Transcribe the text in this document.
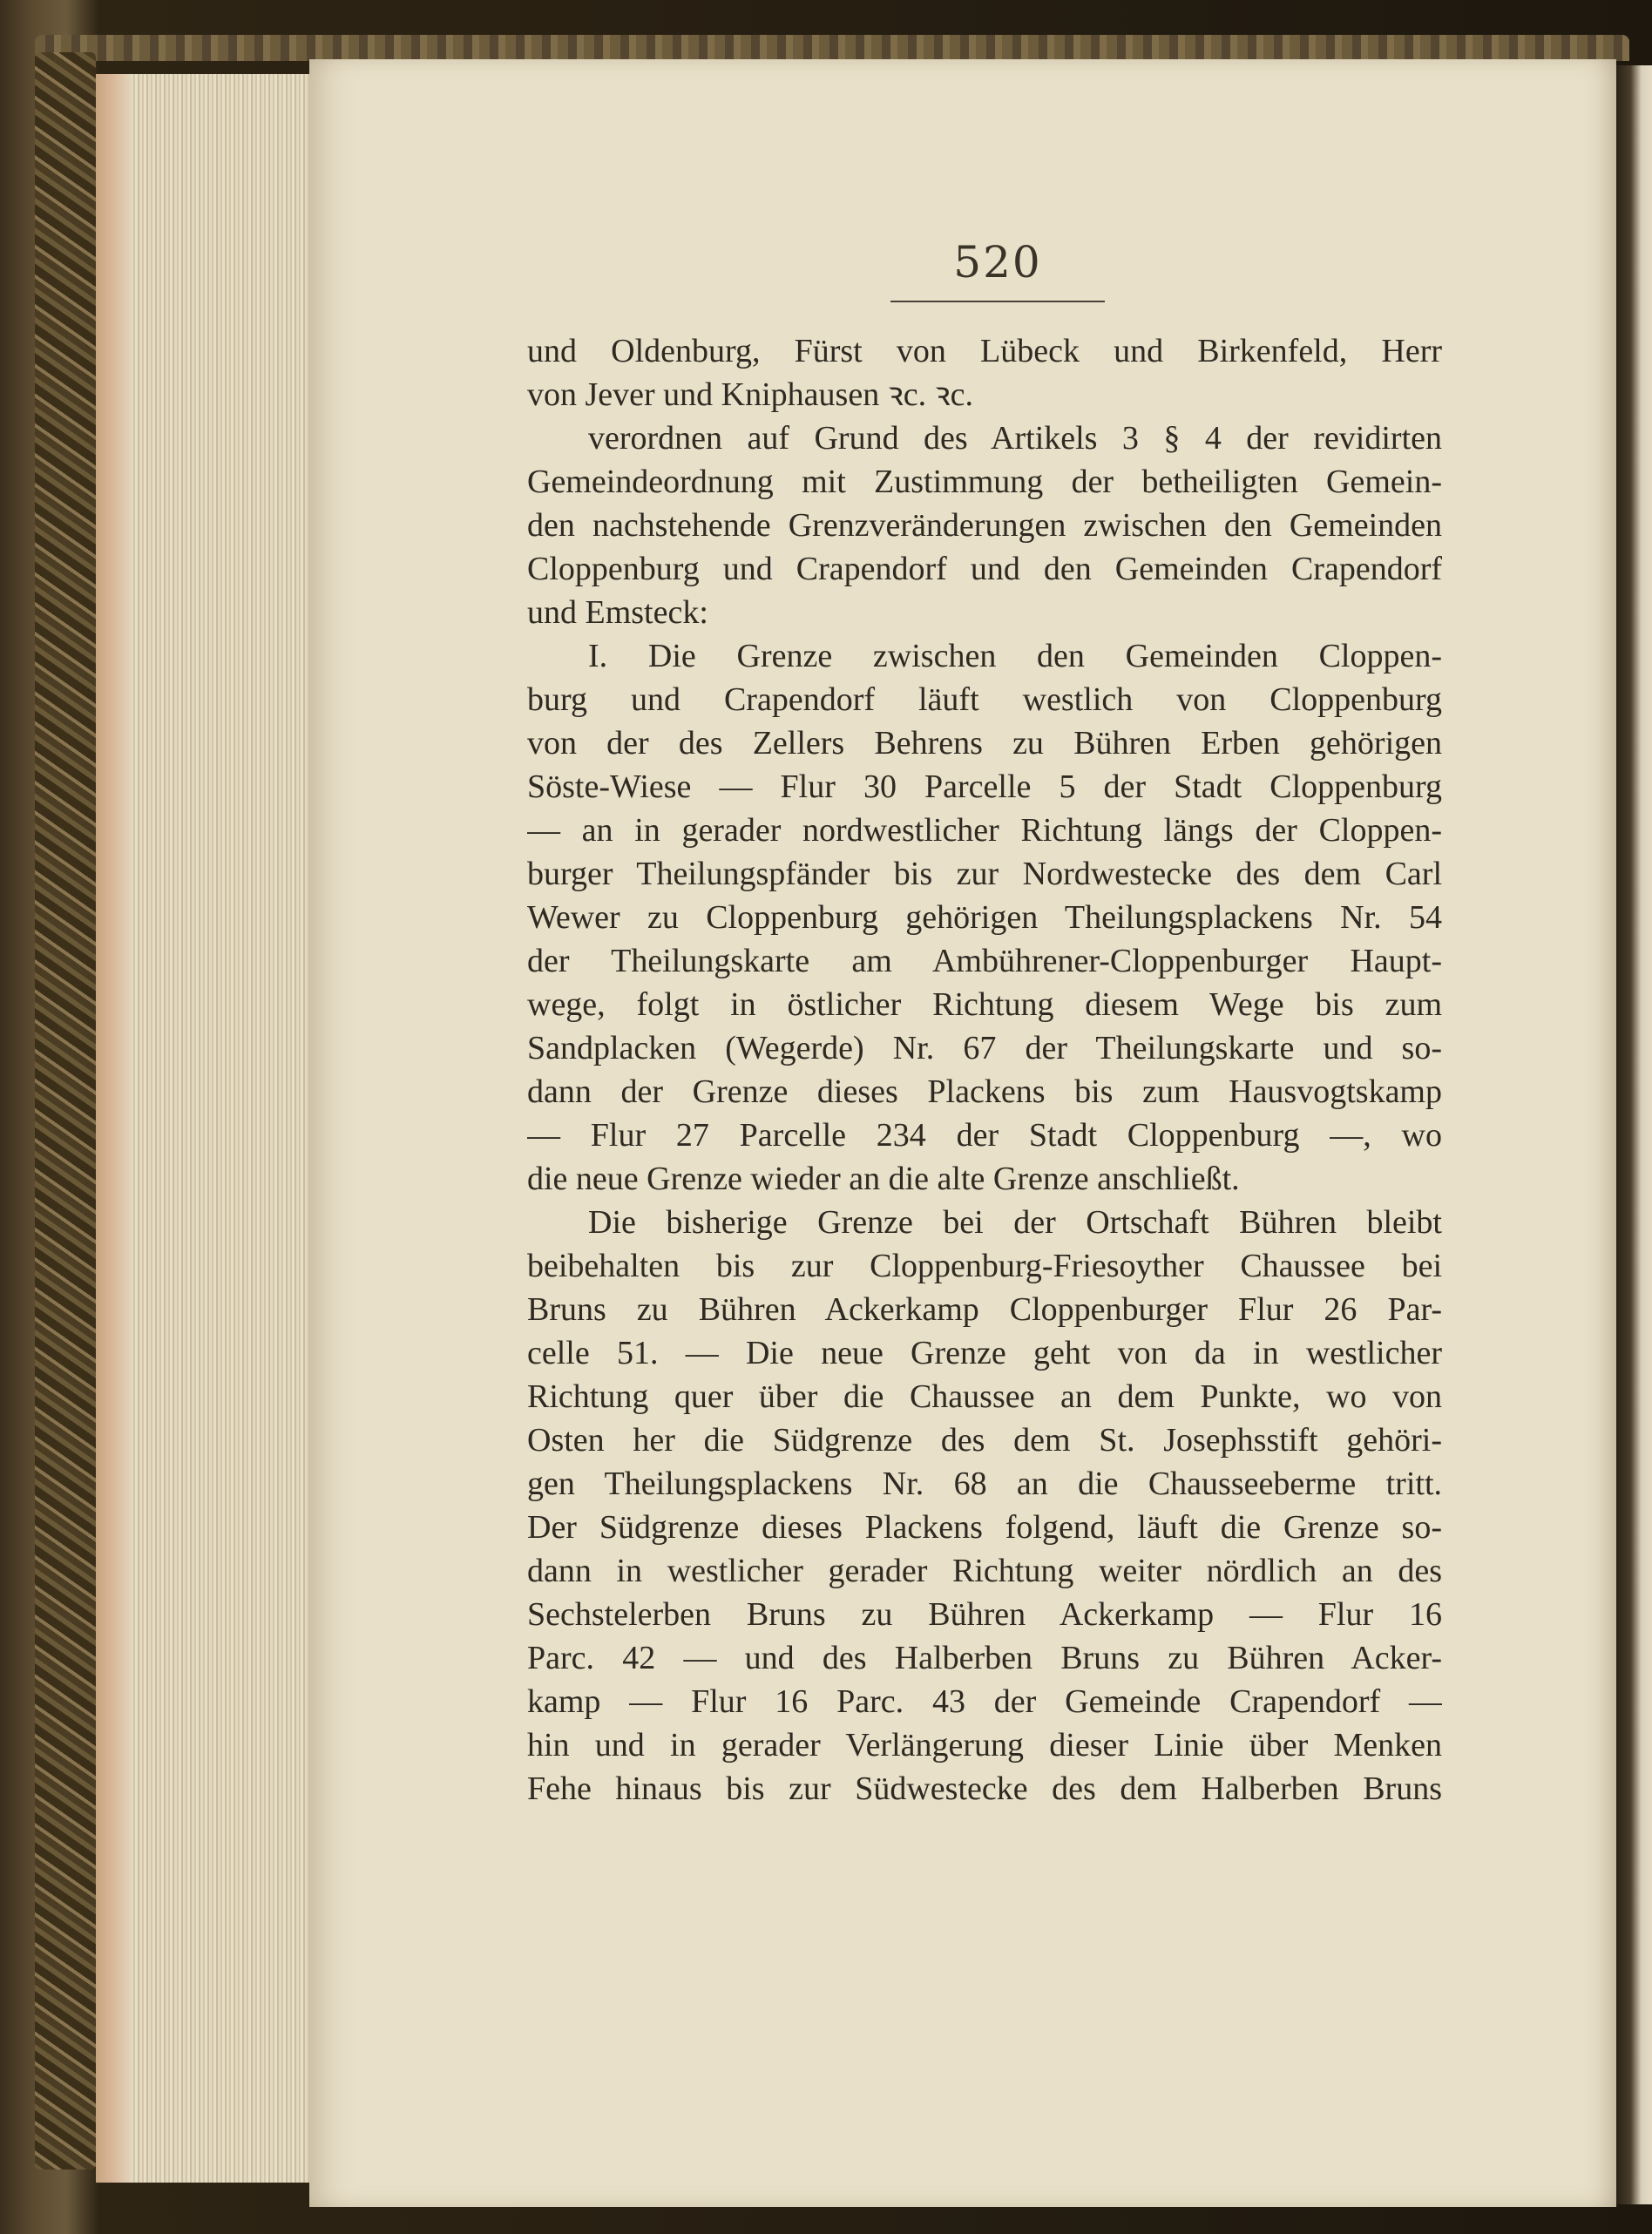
520

und Oldenburg, Fürst von Lübeck und Birkenfeld, Herr
von Jever und Kniphausen ꝛc. ꝛc.

verordnen auf Grund des Artikels 3 § 4 der revidirten
Gemeindeordnung mit Zustimmung der betheiligten Gemein-
den nachstehende Grenzveränderungen zwischen den Gemeinden
Cloppenburg und Crapendorf und den Gemeinden Crapendorf
und Emsteck:

I. Die Grenze zwischen den Gemeinden Cloppen-
burg und Crapendorf läuft westlich von Cloppenburg
von der des Zellers Behrens zu Bühren Erben gehörigen
Söste-Wiese — Flur 30 Parcelle 5 der Stadt Cloppenburg
— an in gerader nordwestlicher Richtung längs der Cloppen-
burger Theilungspfänder bis zur Nordwestecke des dem Carl
Wewer zu Cloppenburg gehörigen Theilungsplackens Nr. 54
der Theilungskarte am Ambührener-Cloppenburger Haupt-
wege, folgt in östlicher Richtung diesem Wege bis zum
Sandplacken (Wegerde) Nr. 67 der Theilungskarte und so-
dann der Grenze dieses Plackens bis zum Hausvogtskamp
— Flur 27 Parcelle 234 der Stadt Cloppenburg —, wo
die neue Grenze wieder an die alte Grenze anschließt.

Die bisherige Grenze bei der Ortschaft Bühren bleibt
beibehalten bis zur Cloppenburg-Friesoyther Chaussee bei
Bruns zu Bühren Ackerkamp Cloppenburger Flur 26 Par-
celle 51. — Die neue Grenze geht von da in westlicher
Richtung quer über die Chaussee an dem Punkte, wo von
Osten her die Südgrenze des dem St. Josephsstift gehöri-
gen Theilungsplackens Nr. 68 an die Chausseeberme tritt.
Der Südgrenze dieses Plackens folgend, läuft die Grenze so-
dann in westlicher gerader Richtung weiter nördlich an des
Sechstelerben Bruns zu Bühren Ackerkamp — Flur 16
Parc. 42 — und des Halberben Bruns zu Bühren Acker-
kamp — Flur 16 Parc. 43 der Gemeinde Crapendorf —
hin und in gerader Verlängerung dieser Linie über Menken
Fehe hinaus bis zur Südwestecke des dem Halberben Bruns
